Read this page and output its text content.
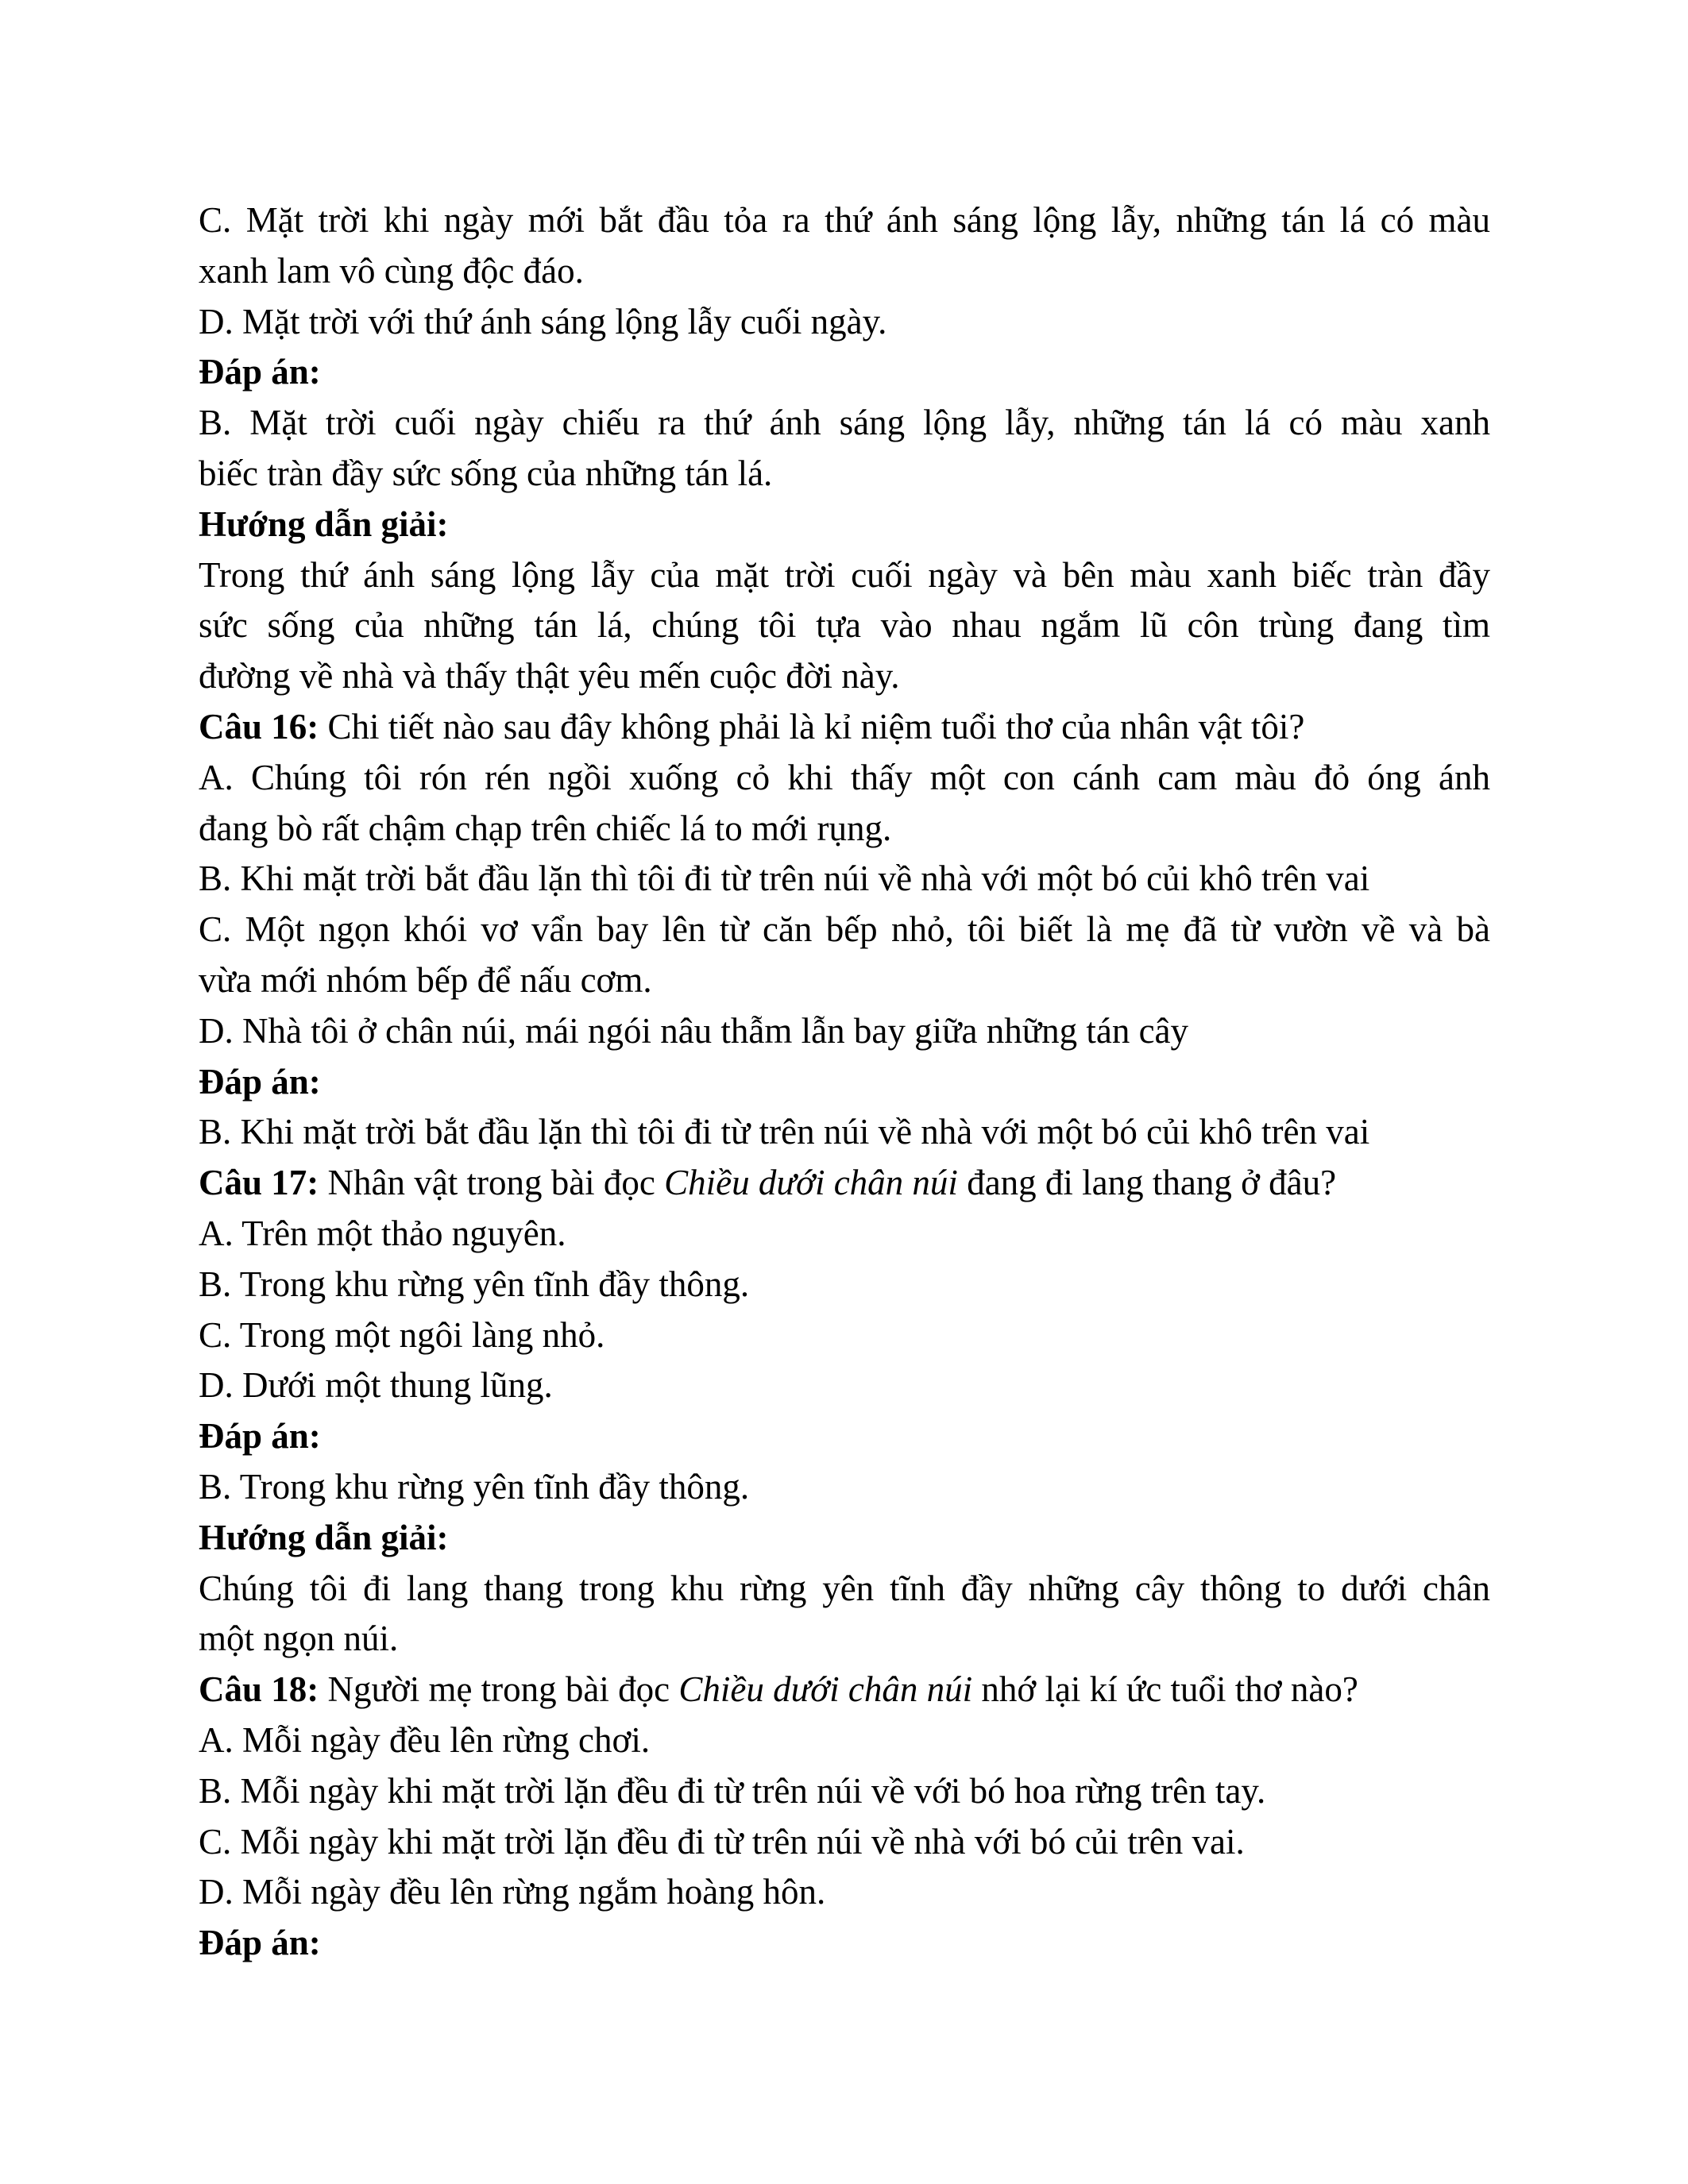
C. Mặt trời khi ngày mới bắt đầu tỏa ra thứ ánh sáng lộng lẫy, những tán lá có màu
xanh lam vô cùng độc đáo.
D. Mặt trời với thứ ánh sáng lộng lẫy cuối ngày.
Đáp án:
B. Mặt trời cuối ngày chiếu ra thứ ánh sáng lộng lẫy, những tán lá có màu xanh
biếc tràn đầy sức sống của những tán lá.
Hướng dẫn giải:
Trong thứ ánh sáng lộng lẫy của mặt trời cuối ngày và bên màu xanh biếc tràn đầy
sức sống của những tán lá, chúng tôi tựa vào nhau ngắm lũ côn trùng đang tìm
đường về nhà và thấy thật yêu mến cuộc đời này.
Câu 16: Chi tiết nào sau đây không phải là kỉ niệm tuổi thơ của nhân vật tôi?
A. Chúng tôi rón rén ngồi xuống cỏ khi thấy một con cánh cam màu đỏ óng ánh
đang bò rất chậm chạp trên chiếc lá to mới rụng.
B. Khi mặt trời bắt đầu lặn thì tôi đi từ trên núi về nhà với một bó củi khô trên vai
C. Một ngọn khói vơ vẩn bay lên từ căn bếp nhỏ, tôi biết là mẹ đã từ vườn về và bà
vừa mới nhóm bếp để nấu cơm.
D. Nhà tôi ở chân núi, mái ngói nâu thẫm lẫn bay giữa những tán cây
Đáp án:
B. Khi mặt trời bắt đầu lặn thì tôi đi từ trên núi về nhà với một bó củi khô trên vai
Câu 17: Nhân vật trong bài đọc Chiều dưới chân núi đang đi lang thang ở đâu?
A. Trên một thảo nguyên.
B. Trong khu rừng yên tĩnh đầy thông.
C. Trong một ngôi làng nhỏ.
D. Dưới một thung lũng.
Đáp án:
B. Trong khu rừng yên tĩnh đầy thông.
Hướng dẫn giải:
Chúng tôi đi lang thang trong khu rừng yên tĩnh đầy những cây thông to dưới chân
một ngọn núi.
Câu 18: Người mẹ trong bài đọc Chiều dưới chân núi nhớ lại kí ức tuổi thơ nào?
A. Mỗi ngày đều lên rừng chơi.
B. Mỗi ngày khi mặt trời lặn đều đi từ trên núi về với bó hoa rừng trên tay.
C. Mỗi ngày khi mặt trời lặn đều đi từ trên núi về nhà với bó củi trên vai.
D. Mỗi ngày đều lên rừng ngắm hoàng hôn.
Đáp án:
